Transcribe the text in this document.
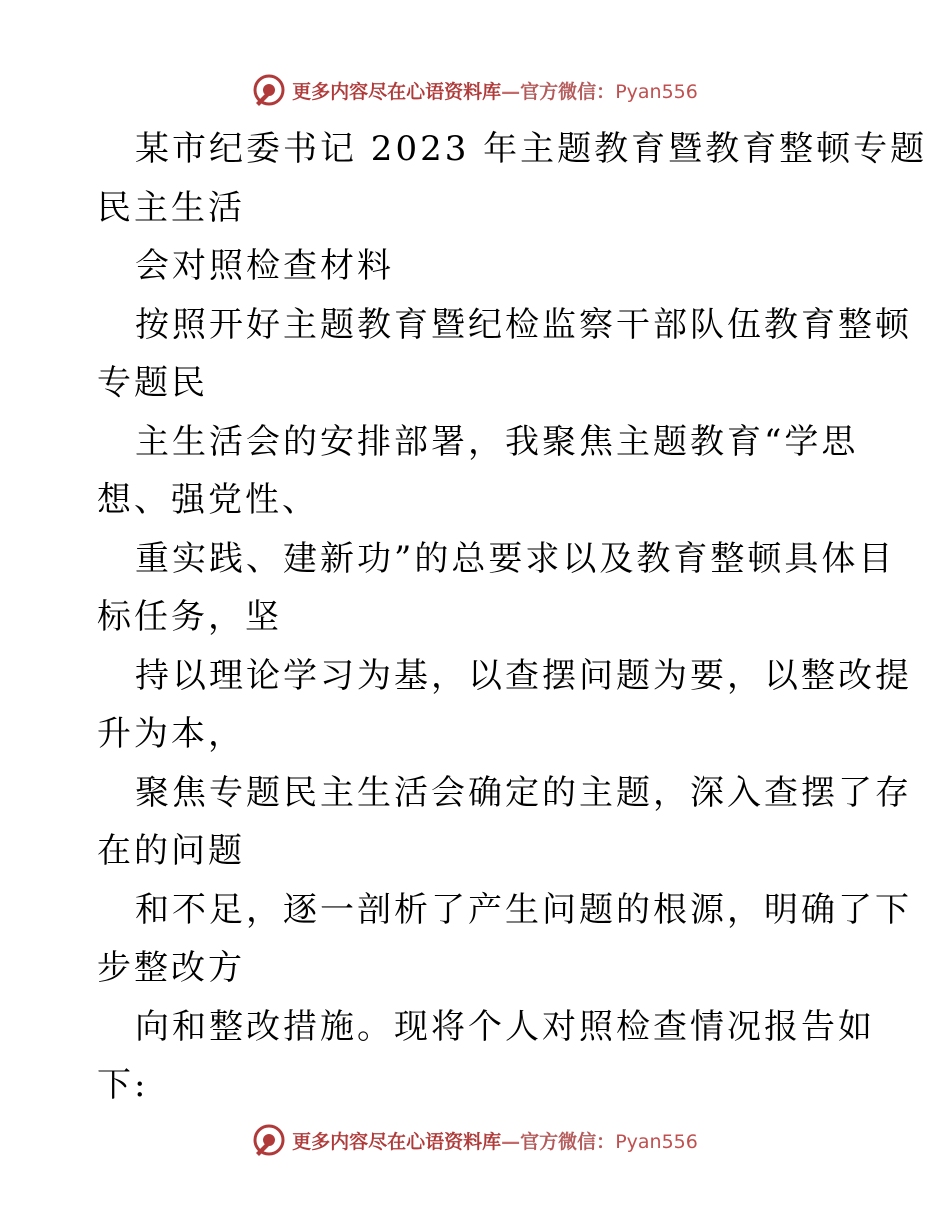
更多内容尽在心语资料库—官方微信：Pyan556
某市纪委书记 2023 年主题教育暨教育整顿专题
民主生活
会对照检查材料
按照开好主题教育暨纪检监察干部队伍教育整顿
专题民
主生活会的安排部署，我聚焦主题教育“学思
想、强党性、
重实践、建新功”的总要求以及教育整顿具体目
标任务，坚
持以理论学习为基，以查摆问题为要，以整改提
升为本，
聚焦专题民主生活会确定的主题，深入查摆了存
在的问题
和不足，逐一剖析了产生问题的根源，明确了下
步整改方
向和整改措施。现将个人对照检查情况报告如
下:
更多内容尽在心语资料库—官方微信：Pyan556
